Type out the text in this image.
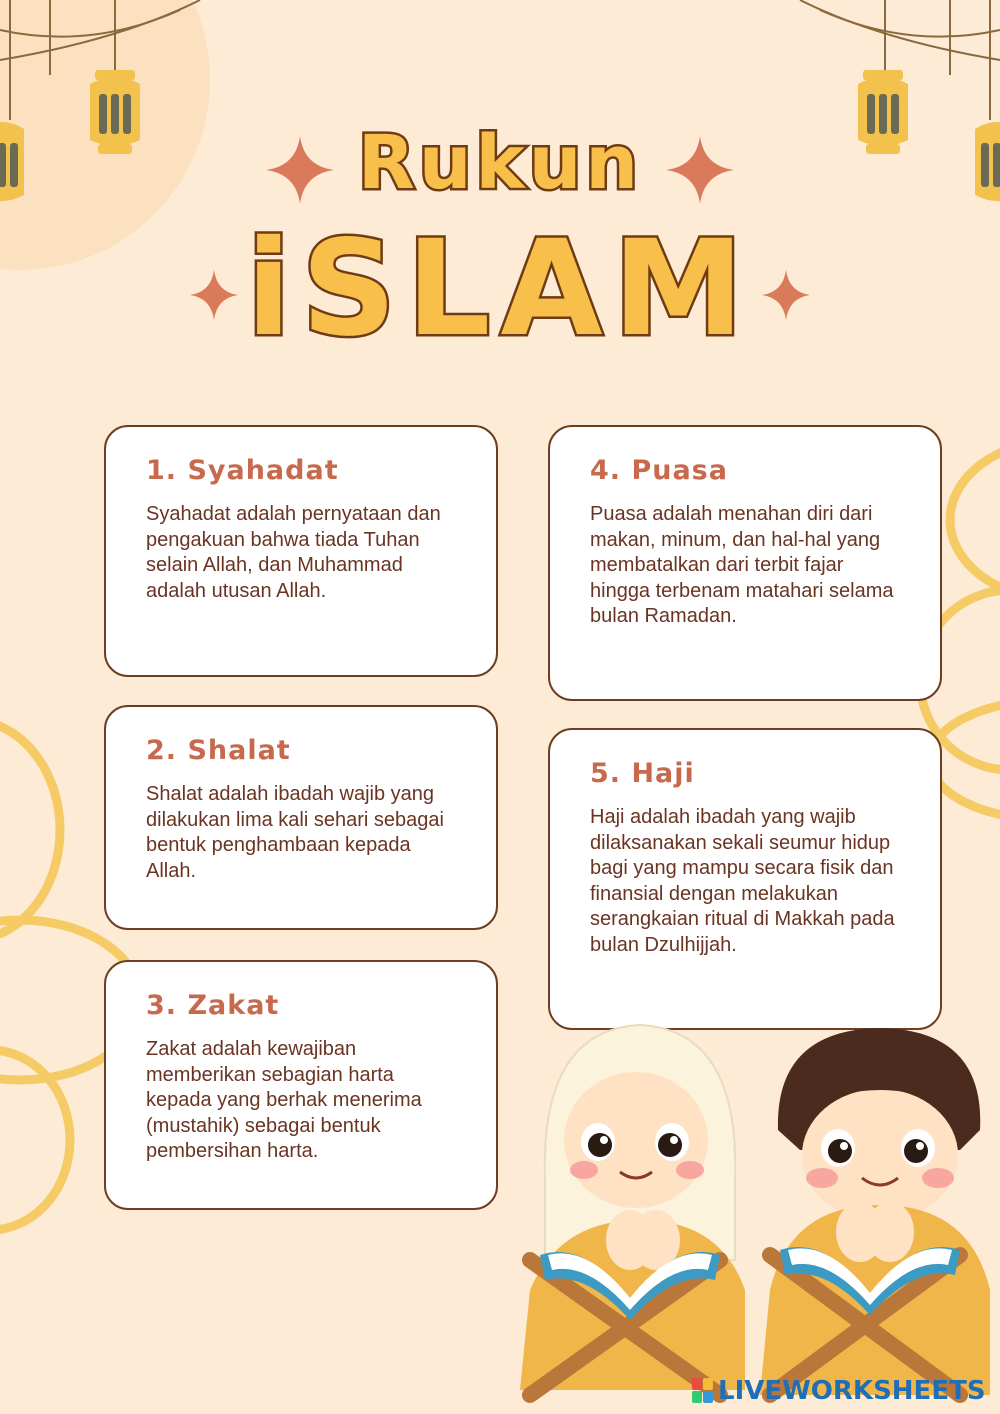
Rukun
iSLAM
1. Syahadat

Syahadat adalah pernyataan dan pengakuan bahwa tiada Tuhan selain Allah, dan Muhammad adalah utusan Allah.

2. Shalat

Shalat adalah ibadah wajib yang dilakukan lima kali sehari sebagai bentuk penghambaan kepada Allah.

3. Zakat

Zakat adalah kewajiban memberikan sebagian harta kepada yang berhak menerima (mustahik) sebagai bentuk pembersihan harta.

4. Puasa

Puasa adalah menahan diri dari makan, minum, dan hal-hal yang membatalkan dari terbit fajar hingga terbenam matahari selama bulan Ramadan.

5. Haji

Haji adalah ibadah yang wajib dilaksanakan sekali seumur hidup bagi yang mampu secara fisik dan finansial dengan melakukan serangkaian ritual di Makkah pada bulan Dzulhijjah.

LIVEWORKSHEETS
